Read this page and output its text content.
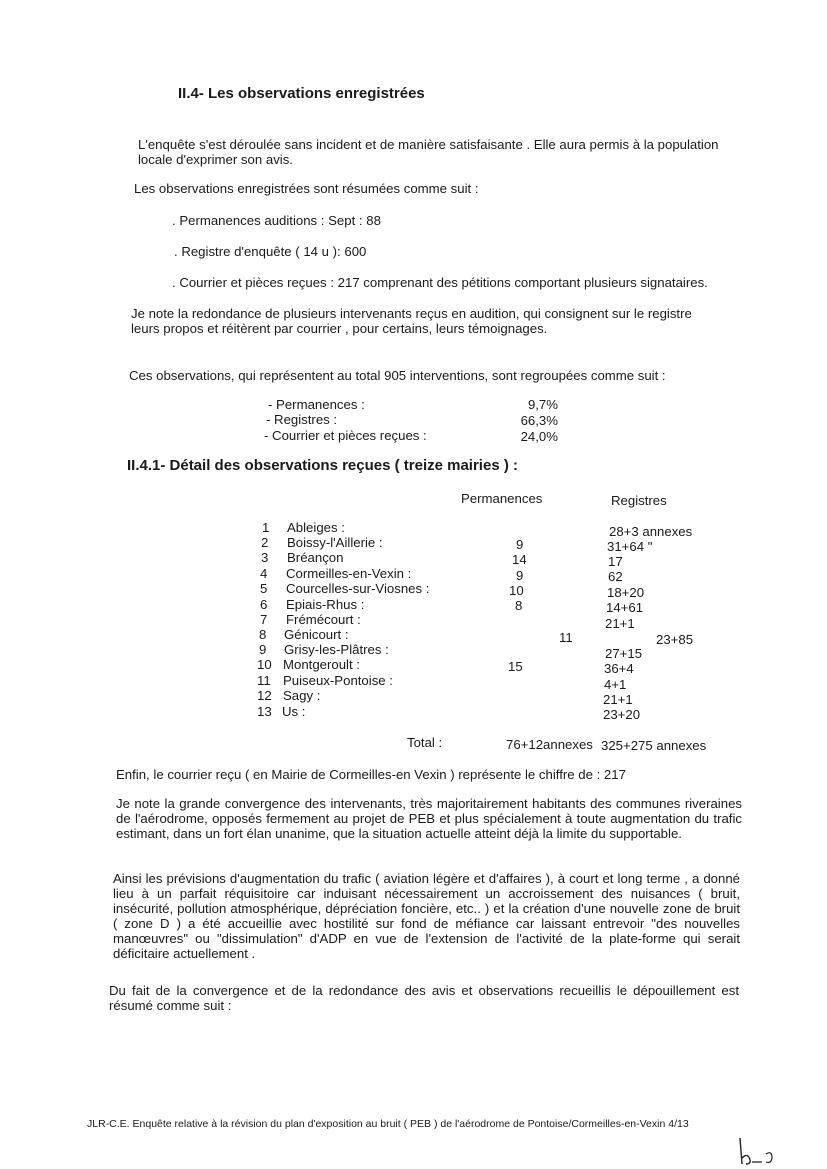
II.4- Les observations enregistrées
L'enquête s'est déroulée sans incident et de manière satisfaisante . Elle aura permis à la population
locale d'exprimer son avis.
Les observations enregistrées sont résumées comme suit :
. Permanences auditions : Sept : 88
. Registre d'enquête ( 14 u ): 600
. Courrier et pièces reçues : 217 comprenant des pétitions comportant plusieurs signataires.
Je note la redondance de plusieurs intervenants reçus en audition, qui consignent sur le registre
leurs propos et réitèrent par courrier , pour certains, leurs témoignages.
Ces observations, qui représentent au total 905 interventions, sont regroupées comme suit :
- Permanences :	9,7%
- Registres :	66,3%
- Courrier et pièces reçues :	24,0%
II.4.1- Détail des observations reçues ( treize mairies ) :
Permanences	Registres
1 Ableiges :	28+3 annexes
2 Boissy-l'Aillerie :	9	31+64 "
3 Bréançon	14	17
4 Cormeilles-en-Vexin :	9	62
5 Courcelles-sur-Viosnes :	10	18+20
6 Epiais-Rhus :	8	14+61
7 Frémécourt :	21+1
8 Génicourt :	11	23+85
9 Grisy-les-Plâtres :	27+15
10 Montgeroult :	15	36+4
11 Puiseux-Pontoise :	4+1
12 Sagy :	21+1
13 Us :	23+20
Total :	76+12annexes 325+275 annexes
Enfin, le courrier reçu ( en Mairie de Cormeilles-en Vexin ) représente le chiffre de : 217
Je note la grande convergence des intervenants, très majoritairement habitants des communes riveraines de l'aérodrome, opposés fermement au projet de PEB et plus spécialement à toute augmentation du trafic estimant, dans un fort élan unanime, que la situation actuelle atteint déjà la limite du supportable.
Ainsi les prévisions d'augmentation du trafic ( aviation légère et d'affaires ), à court et long terme , a donné lieu à un parfait réquisitoire car induisant nécessairement un accroissement des nuisances ( bruit, insécurité, pollution atmosphérique, dépréciation foncière, etc.. ) et la création d'une nouvelle zone de bruit ( zone D ) a été accueillie avec hostilité sur fond de méfiance car laissant entrevoir "des nouvelles manœuvres" ou "dissimulation" d'ADP en vue de l'extension de l'activité de la plate-forme qui serait déficitaire actuellement .
Du fait de la convergence et de la redondance des avis et observations recueillis le dépouillement est résumé comme suit :
JLR-C.E. Enquête relative à la révision du plan d'exposition au bruit ( PEB ) de l'aérodrome de Pontoise/Cormeilles-en-Vexin 4/13
